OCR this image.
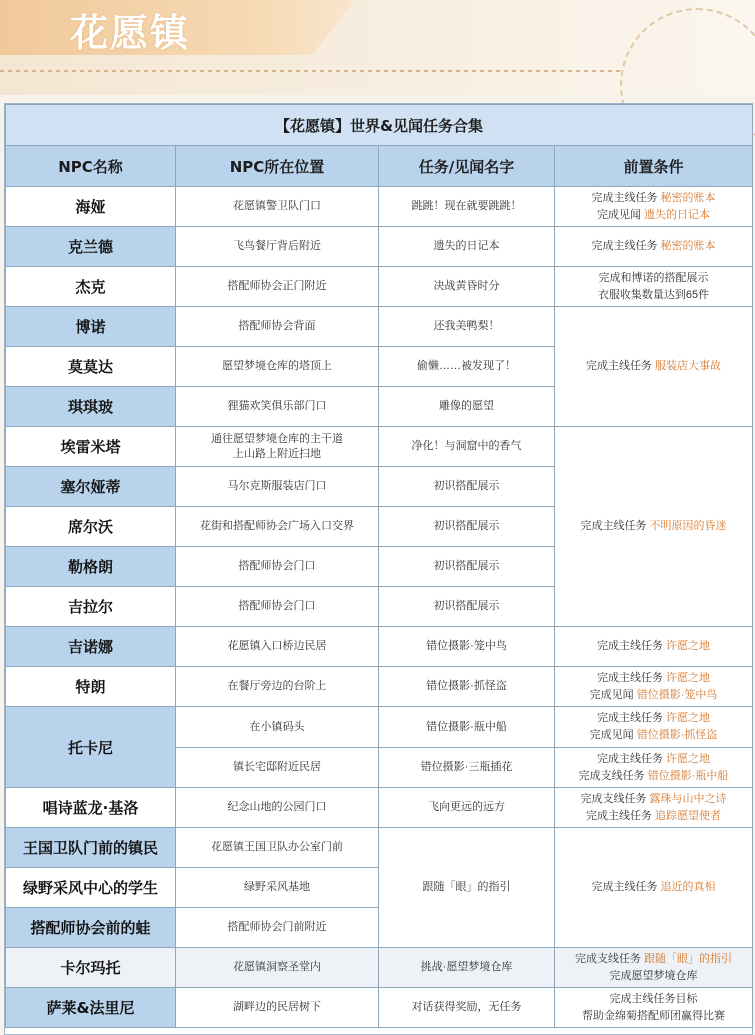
花愿镇
【花愿镇】世界&见闻任务合集			
NPC名称	NPC所在位置	任务/见闻名字	前置条件
海娅	花愿镇警卫队门口	跳跳！现在就要跳跳！	完成主线任务 秘密的账本
完成见闻 遗失的日记本

克兰德	飞鸟餐厅背后附近	遗失的日记本	完成主线任务 秘密的账本

杰克	搭配师协会正门附近	决战黄昏时分	完成和博诺的搭配展示
衣服收集数量达到65件

博诺	搭配师协会背面	还我美鸭梨！	完成主线任务 服装店大事故

莫莫达	愿望梦境仓库的塔顶上	偷懒……被发现了！	
琪琪玻	狸猫欢笑俱乐部门口	雕像的愿望	
埃雷米塔	通往愿望梦境仓库的主干道
上山路上附近扫地	净化！与洞窟中的香气	完成主线任务 不明原因的昏迷

塞尔娅蒂	马尔克斯服装店门口	初识搭配展示	
席尔沃	花街和搭配师协会广场入口交界	初识搭配展示	
勒格朗	搭配师协会门口	初识搭配展示	
吉拉尔	搭配师协会门口	初识搭配展示	
吉诺娜	花愿镇入口桥边民居	错位摄影·笼中鸟	完成主线任务 许愿之地

特朗	在餐厅旁边的台阶上	错位摄影·抓怪盗	完成主线任务 许愿之地
完成见闻 错位摄影·笼中鸟

托卡尼	在小镇码头	错位摄影·瓶中船	完成主线任务 许愿之地
完成见闻 错位摄影·抓怪盗

	镇长宅邸附近民居	错位摄影·三瓶插花	完成主线任务 许愿之地
完成支线任务 错位摄影·瓶中船

唱诗蓝龙·基洛	纪念山地的公园门口	飞向更远的远方	完成支线任务 露珠与山中之诗
完成主线任务 追踪愿望使者

王国卫队门前的镇民	花愿镇王国卫队办公室门前	跟随「眼」的指引	完成主线任务 追近的真相

绿野采风中心的学生	绿野采风基地		
搭配师协会前的蛙	搭配师协会门前附近		
卡尔玛托	花愿镇洞察圣堂内	挑战·愿望梦境仓库	完成支线任务 跟随「眼」的指引
完成愿望梦境仓库

萨莱&法里尼	湖畔边的民居树下	对话获得奖励，无任务	完成主线任务目标
帮助金绵菊搭配师团赢得比赛
